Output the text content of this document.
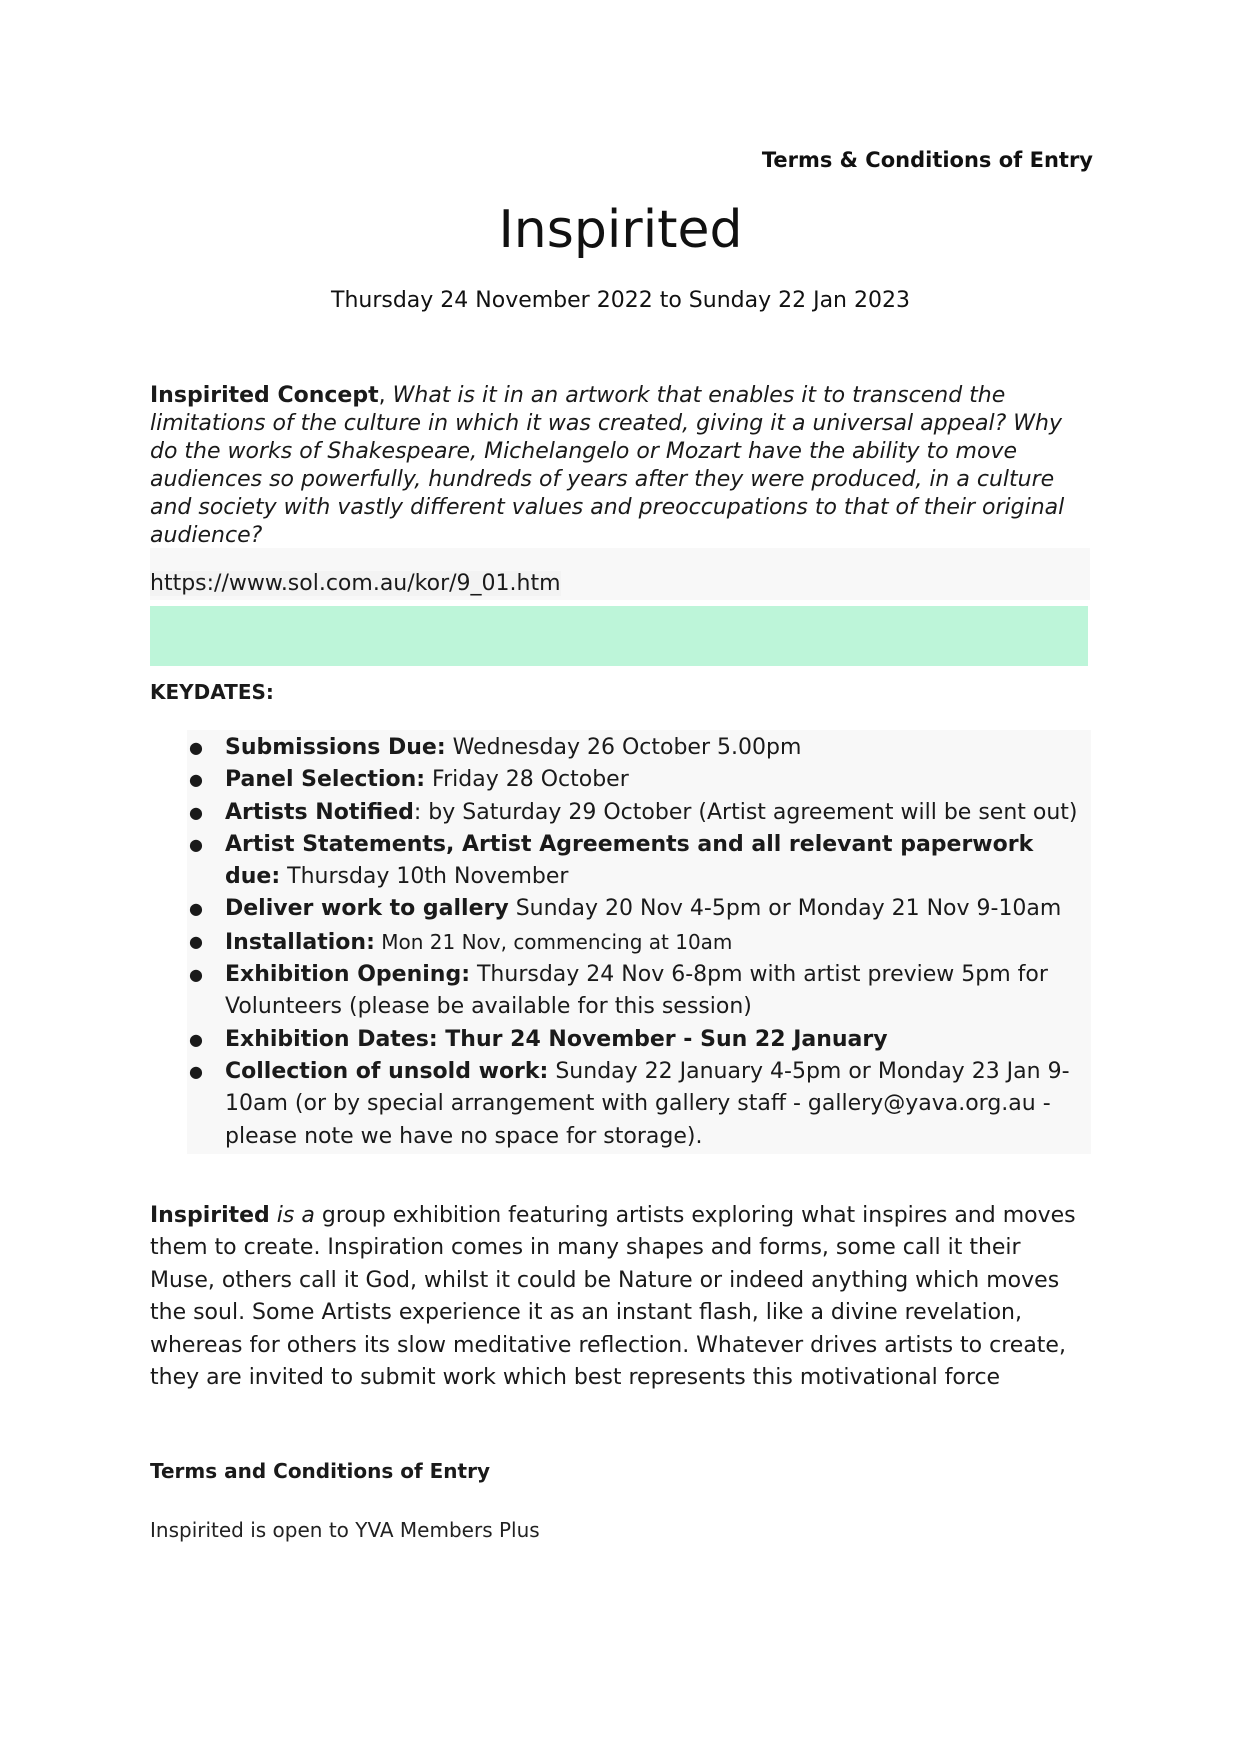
Terms & Conditions of Entry
Inspirited
Thursday 24 November 2022 to Sunday 22 Jan 2023
Inspirited Concept, What is it in an artwork that enables it to transcend the limitations of the culture in which it was created, giving it a universal appeal? Why do the works of Shakespeare, Michelangelo or Mozart have the ability to move audiences so powerfully, hundreds of years after they were produced, in a culture and society with vastly different values and preoccupations to that of their original audience?
https://www.sol.com.au/kor/9_01.htm
KEYDATES:
● Submissions Due: Wednesday 26 October 5.00pm
● Panel Selection: Friday 28 October
● Artists Notified: by Saturday 29 October (Artist agreement will be sent out)
● Artist Statements, Artist Agreements and all relevant paperwork due: Thursday 10th November
● Deliver work to gallery Sunday 20 Nov 4-5pm or Monday 21 Nov 9-10am
● Installation: Mon 21 Nov, commencing at 10am
● Exhibition Opening: Thursday 24 Nov 6-8pm with artist preview 5pm for Volunteers (please be available for this session)
● Exhibition Dates: Thur 24 November - Sun 22 January
● Collection of unsold work: Sunday 22 January 4-5pm or Monday 23 Jan 9-10am (or by special arrangement with gallery staff - gallery@yava.org.au - please note we have no space for storage).
Inspirited is a group exhibition featuring artists exploring what inspires and moves them to create. Inspiration comes in many shapes and forms, some call it their Muse, others call it God, whilst it could be Nature or indeed anything which moves the soul. Some Artists experience it as an instant flash, like a divine revelation, whereas for others its slow meditative reflection. Whatever drives artists to create, they are invited to submit work which best represents this motivational force
Terms and Conditions of Entry
Inspirited is open to YVA Members Plus
